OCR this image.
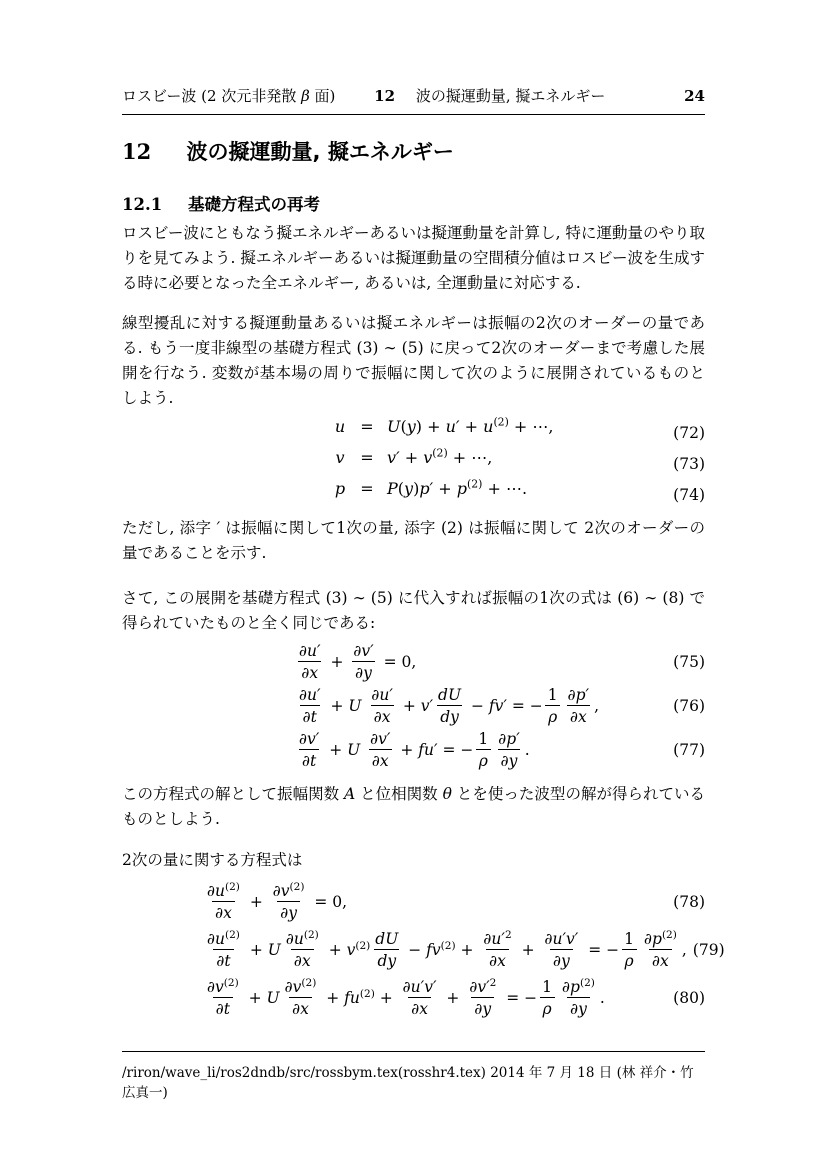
ロスビー波 (2 次元非発散 β 面)	12 波の擬運動量, 擬エネルギー	24
12 波の擬運動量, 擬エネルギー
12.1 基礎方程式の再考

ロスビー波にともなう擬エネルギーあるいは擬運動量を計算し, 特に運動量のやり取りを見てみよう. 擬エネルギーあるいは擬運動量の空間積分値はロスビー波を生成する時に必要となった全エネルギー, あるいは, 全運動量に対応する.

線型擾乱に対する擬運動量あるいは擬エネルギーは振幅の2次のオーダーの量である. もう一度非線型の基礎方程式 (3) ∼ (5) に戻って2次のオーダーまで考慮した展開を行なう. 変数が基本場の周りで振幅に関して次のように展開されているものとしよう.

$u = U(y) + u' + u^{(2)}$ + ⋯,	(72)
$v = v' + v^{(2)}$ + ⋯,	(73)
$p = P(y)p' + p^{(2)}$ + ⋯.	(74)

ただし, 添字 ′ は振幅に関して1次の量, 添字 (2) は振幅に関して 2次のオーダーの量であることを示す.

さて, この展開を基礎方程式 (3) ∼ (5) に代入すれば振幅の1次の式は (6) ∼ (8) で得られていたものと全く同じである:

∂u′
∂x
+ $\frac{\partial v'}{\partial y} = 0$,	(75)
∂u′
∂t
+ U
∂u′
∂x
+ v′
dU
dy
− fv′ = − $\frac{1}{\rho} \partial p'$
∂x
,	(76)
∂v′
∂t
+ U
∂v′
∂x
+ fu′ = − $\frac{1}{\rho} \partial p'$
∂y
.	(77)

この方程式の解として振幅関数 A と位相関数 θ とを使った波型の解が得られているものとしよう.

2次の量に関する方程式は

$\partial u^{(2)}$
∂x
+ $\frac{\partial v^{(2)}}{\partial y} = 0$,	(78)
$\partial u^{(2)}$
∂t
+ U
$\partial u^{(2)}$
∂x
+ $v^{(2)}$ dU
dy
− $fv^{(2)} + \frac{\partial u'^2}{\partial x} + \frac{\partial u'v'}{\partial y}$ = − $\frac{1}{\rho} \partial p^{(2)}$
∂x
, (79)
$\partial v^{(2)}$
∂t
+ U
$\partial v^{(2)}$
∂x
+ $fu^{(2)} + \frac{\partial u'v'}{\partial x} + \frac{\partial v'^2}{\partial y}$ = − $\frac{1}{\rho} \partial p^{(2)}$
∂y
.	(80)
/riron/wave_li/ros2dndb/src/rossbym.tex(rosshr4.tex) 2014 年 7 月 18 日 (林 祥介・竹広真一)
